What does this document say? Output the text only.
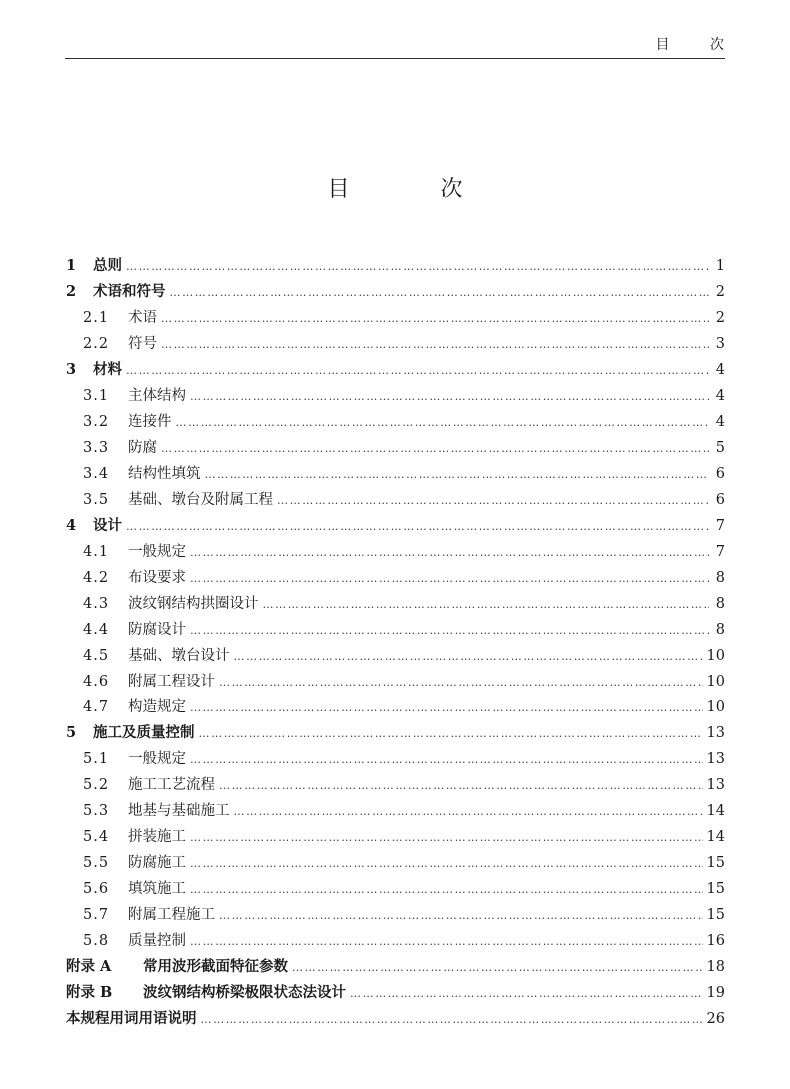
目 次
目 次
1	总则 ……………………………………………………………………………………………………………………………………………………………………………………………	1
2	术语和符号 ……………………………………………………………………………………………………………………………………………………………………………………………	2
2.1	术语 ……………………………………………………………………………………………………………………………………………………………………………………………	2
2.2	符号 ……………………………………………………………………………………………………………………………………………………………………………………………	3
3	材料 ……………………………………………………………………………………………………………………………………………………………………………………………	4
3.1	主体结构 ……………………………………………………………………………………………………………………………………………………………………………………………	4
3.2	连接件 ……………………………………………………………………………………………………………………………………………………………………………………………	4
3.3	防腐 ……………………………………………………………………………………………………………………………………………………………………………………………	5
3.4	结构性填筑 ……………………………………………………………………………………………………………………………………………………………………………………………	6
3.5	基础、墩台及附属工程 ……………………………………………………………………………………………………………………………………………………………………………………………	6
4	设计 ……………………………………………………………………………………………………………………………………………………………………………………………	7
4.1	一般规定 ……………………………………………………………………………………………………………………………………………………………………………………………	7
4.2	布设要求 ……………………………………………………………………………………………………………………………………………………………………………………………	8
4.3	波纹钢结构拱圈设计 ……………………………………………………………………………………………………………………………………………………………………………………………	8
4.4	防腐设计 ……………………………………………………………………………………………………………………………………………………………………………………………	8
4.5	基础、墩台设计 ……………………………………………………………………………………………………………………………………………………………………………………………	10
4.6	附属工程设计 ……………………………………………………………………………………………………………………………………………………………………………………………	10
4.7	构造规定 ……………………………………………………………………………………………………………………………………………………………………………………………	10
5	施工及质量控制 ……………………………………………………………………………………………………………………………………………………………………………………………	13
5.1	一般规定 ……………………………………………………………………………………………………………………………………………………………………………………………	13
5.2	施工工艺流程 ……………………………………………………………………………………………………………………………………………………………………………………………	13
5.3	地基与基础施工 ……………………………………………………………………………………………………………………………………………………………………………………………	14
5.4	拼装施工 ……………………………………………………………………………………………………………………………………………………………………………………………	14
5.5	防腐施工 ……………………………………………………………………………………………………………………………………………………………………………………………	15
5.6	填筑施工 ……………………………………………………………………………………………………………………………………………………………………………………………	15
5.7	附属工程施工 ……………………………………………………………………………………………………………………………………………………………………………………………	15
5.8	质量控制 ……………………………………………………………………………………………………………………………………………………………………………………………	16
附录 A	常用波形截面特征参数 ……………………………………………………………………………………………………………………………………………………………………………………………	18
附录 B	波纹钢结构桥梁极限状态法设计 ……………………………………………………………………………………………………………………………………………………………………………………………	19
本规程用词用语说明 ……………………………………………………………………………………………………………………………………………………………………………………………	26
